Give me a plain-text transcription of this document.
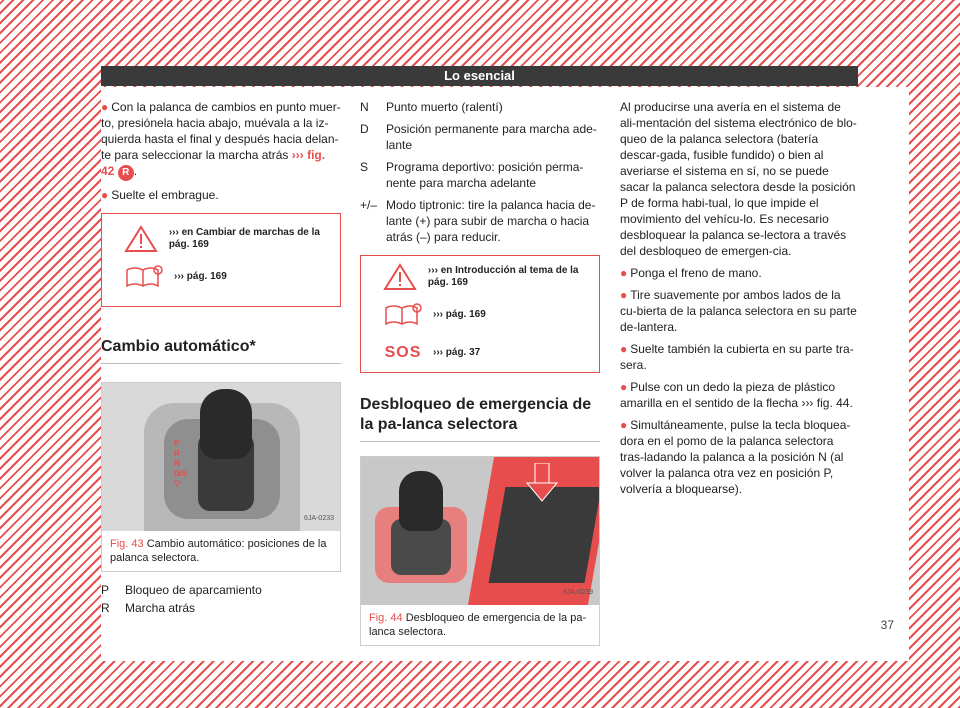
Lo esencial
37

● Con la palanca de cambios en punto muer-to, presiónela hacia abajo, muévala a la iz-quierda hasta el final y después hacia delan-te para seleccionar la marcha atrás ››› fig. 42 R .

● Suelte el embrague.

››› en Cambiar de marchas de la pág. 169
››› pág. 169
Cambio automático*
P
R
N
D/S
▽
6JA-0233
Fig. 43 Cambio automático: posiciones de la palanca selectora.
P	Bloqueo de aparcamiento
R	Marcha atrás
N	Punto muerto (ralentí)
D	Posición permanente para marcha ade-lante
S	Programa deportivo: posición perma-nente para marcha adelante
+/– Modo tiptronic: tire la palanca hacia de-lante (+) para subir de marcha o hacia atrás (–) para reducir.
››› en Introducción al tema de la pág. 169
››› pág. 169
SOS	››› pág. 37
Desbloqueo de emergencia de la pa-lanca selectora
6JA-0239
Fig. 44 Desbloqueo de emergencia de la pa-lanca selectora.

Al producirse una avería en el sistema de ali-mentación del sistema electrónico de blo-queo de la palanca selectora (batería descar-gada, fusible fundido) o bien al averiarse el sistema en sí, no se puede sacar la palanca selectora desde la posición P de forma habi-tual, lo que impide el movimiento del vehícu-lo. Es necesario desbloquear la palanca se-lectora a través del desbloqueo de emergen-cia.

● Ponga el freno de mano.

● Tire suavemente por ambos lados de la cu-bierta de la palanca selectora en su parte de-lantera.

● Suelte también la cubierta en su parte tra-sera.

● Pulse con un dedo la pieza de plástico amarilla en el sentido de la flecha ››› fig. 44.

● Simultáneamente, pulse la tecla bloquea-dora en el pomo de la palanca selectora tras-ladando la palanca a la posición N (al volver la palanca otra vez en posición P, volvería a bloquearse).
